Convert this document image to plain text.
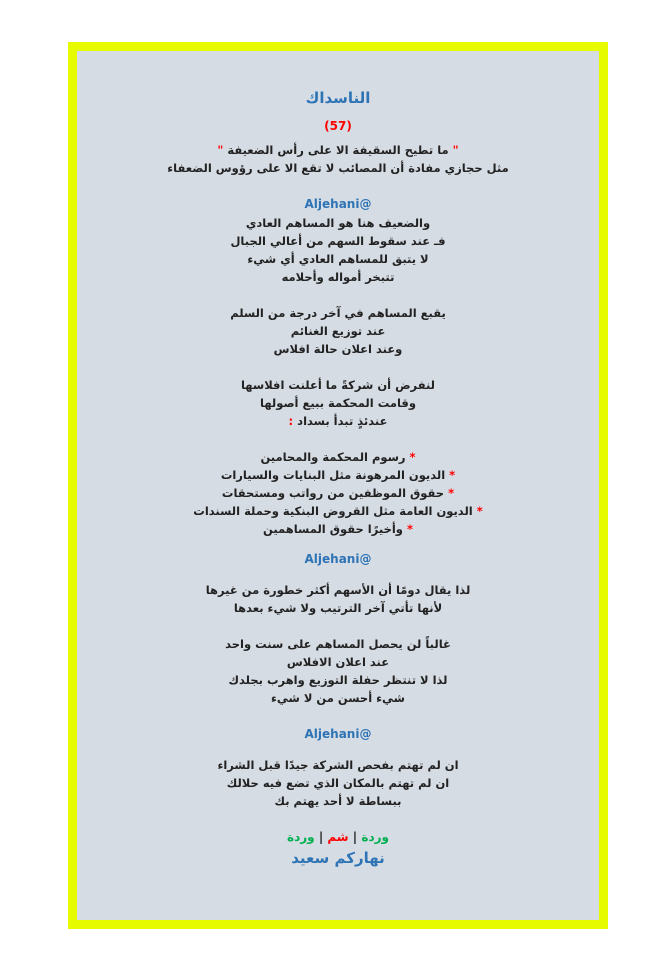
الناسداك
(57)
" ما تطيح السقيفة الا على رأس الضعيفة "
مثل حجازي مفادة أن المصائب لا تقع الا على رؤوس الضعفاء
@Aljehani
والضعيف هنا هو المساهم العادي
فـ عند سقوط السهم من أعالي الجبال
لا يتبق للمساهم العادي أي شيء
تتبخر أمواله وأحلامه
يقبع المساهم في آخر درجة من السلم
عند توزيع الغنائم
وعند اعلان حالة افلاس
لنفرض أن شركةً ما أعلنت افلاسها
وقامت المحكمة ببيع أصولها
عندئذٍ تبدأ بسداد :
* رسوم المحكمة والمحامين
* الديون المرهونة مثل البنايات والسيارات
* حقوق الموظفين من رواتب ومستحقات
* الديون العامة مثل القروض البنكية وحملة السندات
* وأخيرًا حقوق المساهمين
@Aljehani
لذا يقال دومًا أن الأسهم أكثر خطورة من غيرها
لأنها تأتي آخر الترتيب ولا شيء بعدها
غالباً لن يحصل المساهم على سنت واحد
عند اعلان الافلاس
لذا لا تنتظر حفلة التوزيع واهرب بجلدك
شيء أحسن من لا شيء
@Aljehani
ان لم تهتم بفحص الشركة جيدًا قبل الشراء
ان لم تهتم بالمكان الذي تضع فيه حلالك
ببساطة لا أحد يهتم بك
وردة | شم | وردة
نهاركم سعيد
